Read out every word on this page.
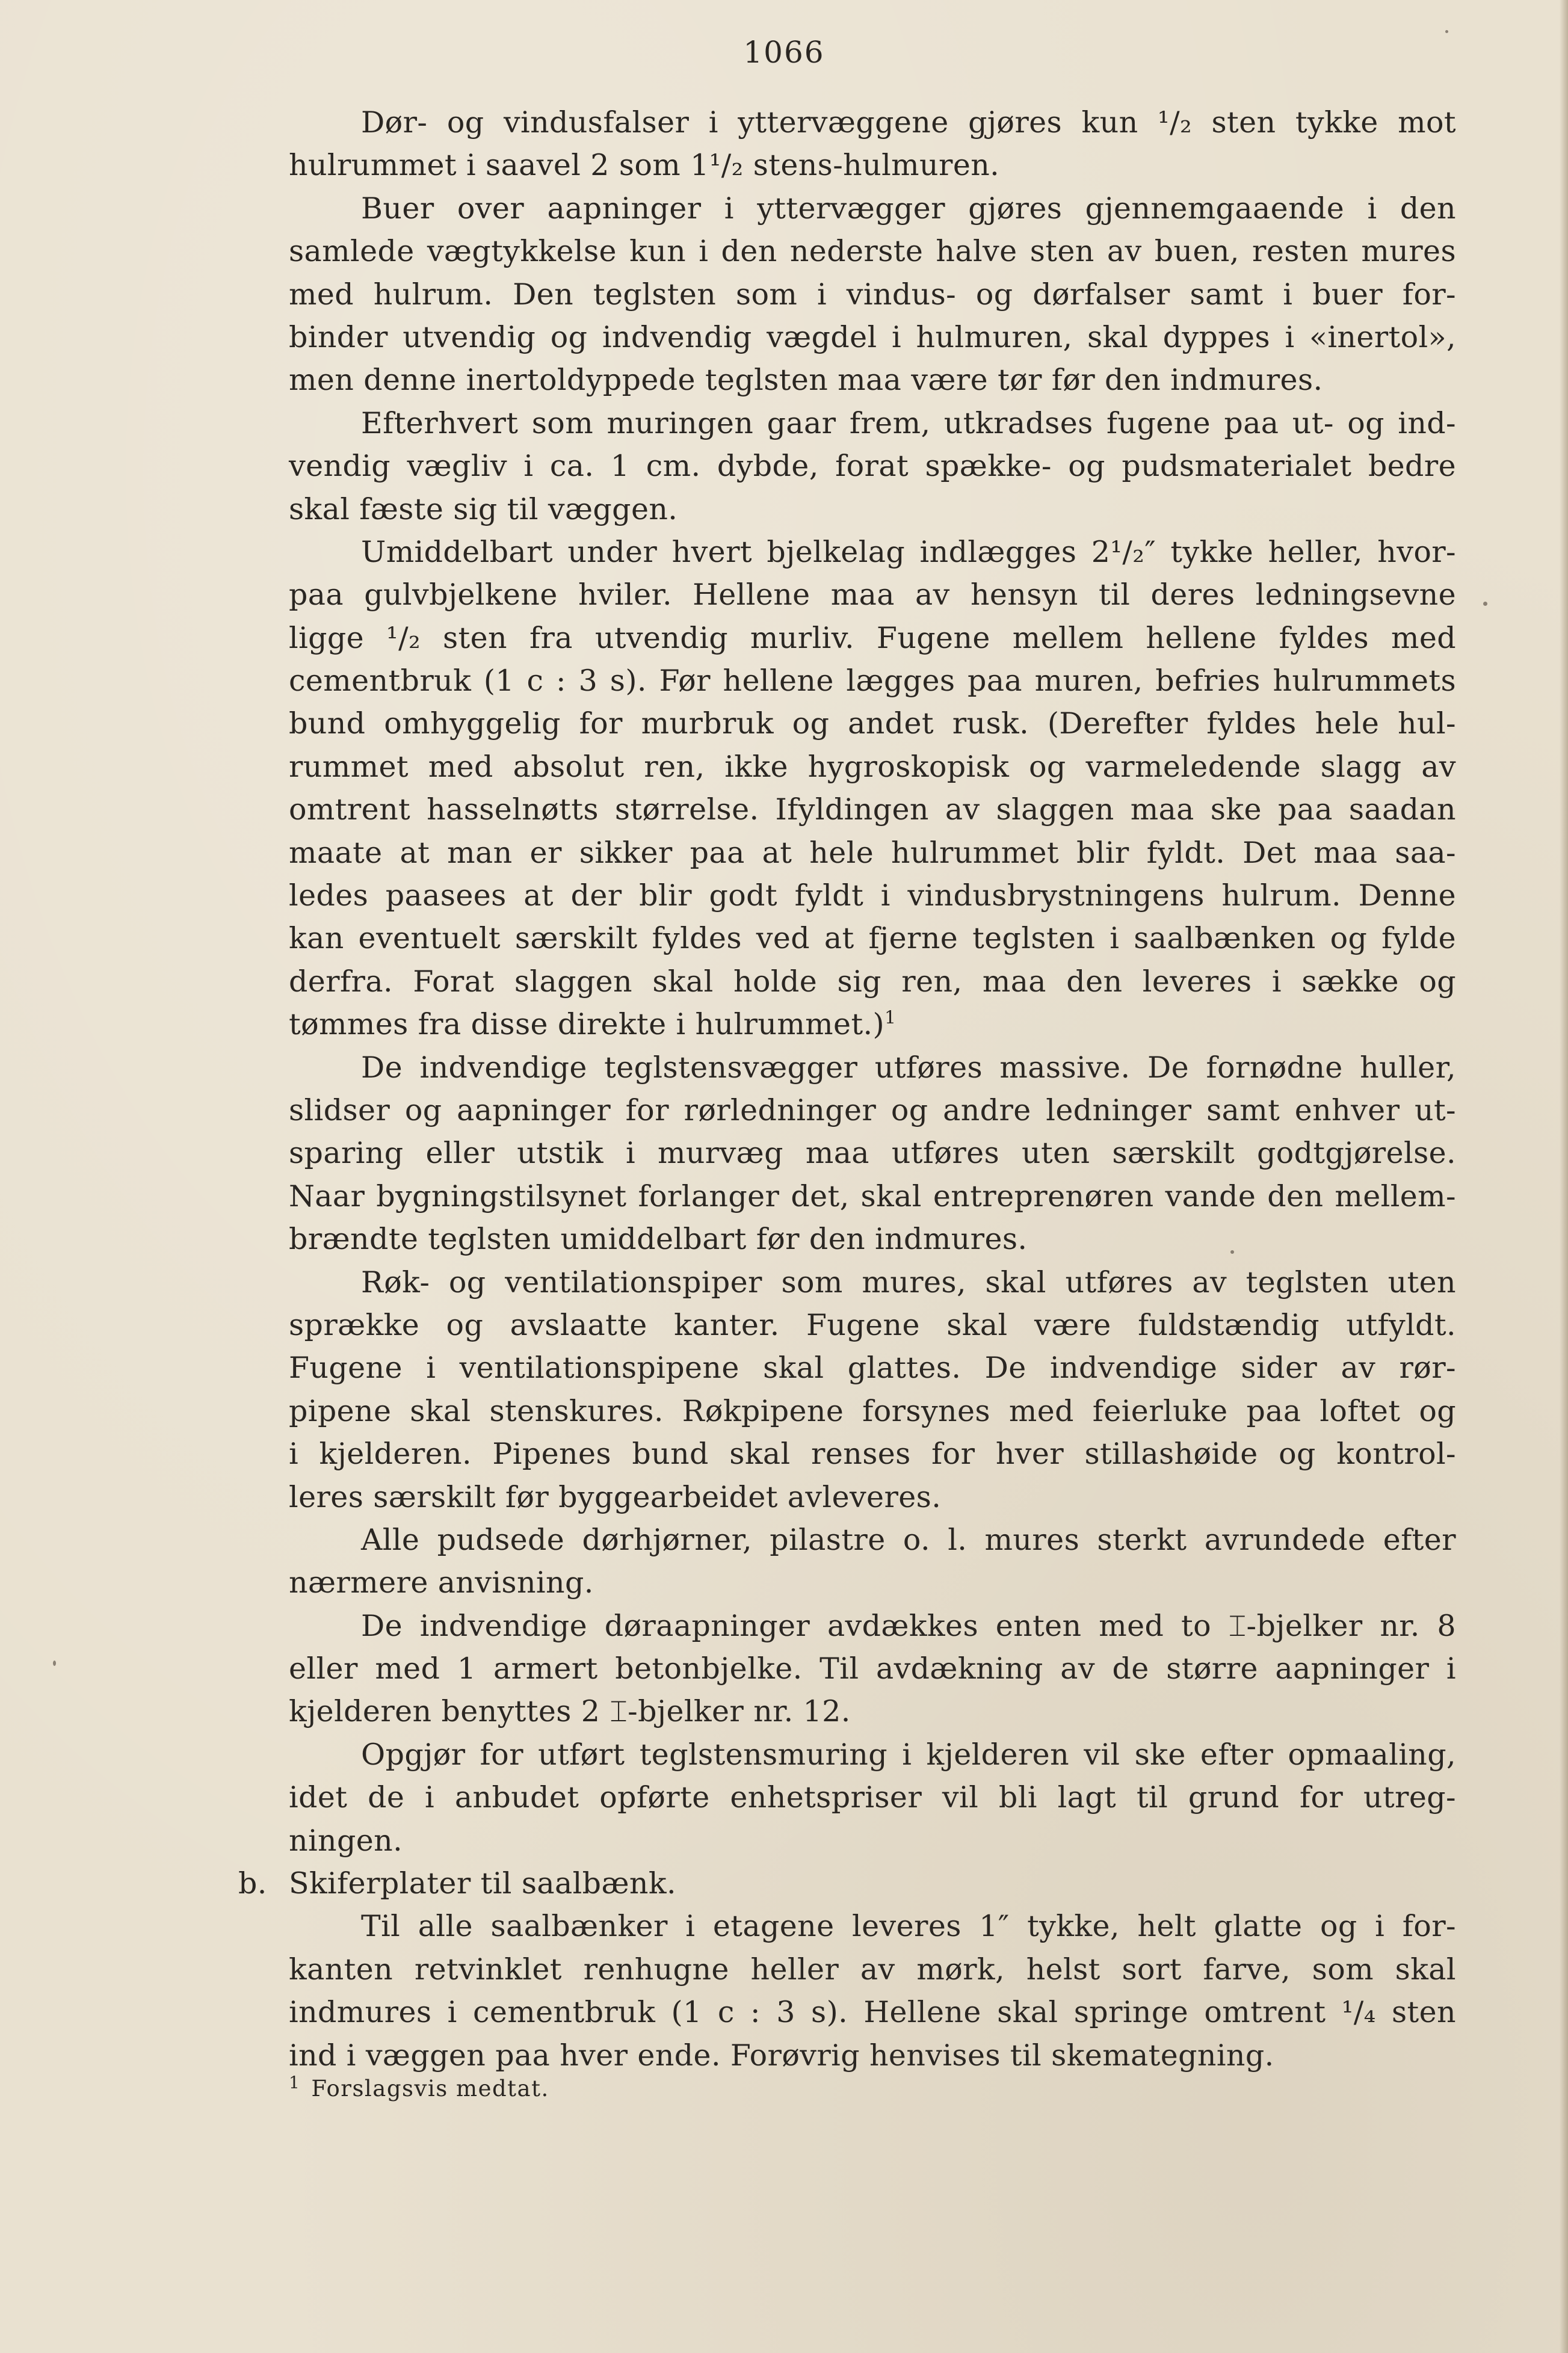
1066
Dør- og vindusfalser i yttervæggene gjøres kun ¹/₂ sten tykke mot
hulrummet i saavel 2 som 1¹/₂ stens-hulmuren.
Buer over aapninger i yttervægger gjøres gjennemgaaende i den
samlede vægtykkelse kun i den nederste halve sten av buen, resten mures
med hulrum. Den teglsten som i vindus- og dørfalser samt i buer for-
binder utvendig og indvendig vægdel i hulmuren, skal dyppes i «inertol»,
men denne inertoldyppede teglsten maa være tør før den indmures.
Efterhvert som muringen gaar frem, utkradses fugene paa ut- og ind-
vendig vægliv i ca. 1 cm. dybde, forat spække- og pudsmaterialet bedre
skal fæste sig til væggen.
Umiddelbart under hvert bjelkelag indlægges 2¹/₂″ tykke heller, hvor-
paa gulvbjelkene hviler. Hellene maa av hensyn til deres ledningsevne
ligge ¹/₂ sten fra utvendig murliv. Fugene mellem hellene fyldes med
cementbruk (1 c : 3 s). Før hellene lægges paa muren, befries hulrummets
bund omhyggelig for murbruk og andet rusk. (Derefter fyldes hele hul-
rummet med absolut ren, ikke hygroskopisk og varmeledende slagg av
omtrent hasselnøtts størrelse. Ifyldingen av slaggen maa ske paa saadan
maate at man er sikker paa at hele hulrummet blir fyldt. Det maa saa-
ledes paasees at der blir godt fyldt i vindusbrystningens hulrum. Denne
kan eventuelt særskilt fyldes ved at fjerne teglsten i saalbænken og fylde
derfra. Forat slaggen skal holde sig ren, maa den leveres i sække og
tømmes fra disse direkte i hulrummet.)$^1$
De indvendige teglstensvægger utføres massive. De fornødne huller,
slidser og aapninger for rørledninger og andre ledninger samt enhver ut-
sparing eller utstik i murvæg maa utføres uten særskilt godtgjørelse.
Naar bygningstilsynet forlanger det, skal entreprenøren vande den mellem-
brændte teglsten umiddelbart før den indmures.
Røk- og ventilationspiper som mures, skal utføres av teglsten uten
sprække og avslaatte kanter. Fugene skal være fuldstændig utfyldt.
Fugene i ventilationspipene skal glattes. De indvendige sider av rør-
pipene skal stenskures. Røkpipene forsynes med feierluke paa loftet og
i kjelderen. Pipenes bund skal renses for hver stillashøide og kontrol-
leres særskilt før byggearbeidet avleveres.
Alle pudsede dørhjørner, pilastre o. l. mures sterkt avrundede efter
nærmere anvisning.
De indvendige døraapninger avdækkes enten med to ⌶-bjelker nr. 8
eller med 1 armert betonbjelke. Til avdækning av de større aapninger i
kjelderen benyttes 2 ⌶-bjelker nr. 12.
Opgjør for utført teglstensmuring i kjelderen vil ske efter opmaaling,
idet de i anbudet opførte enhetspriser vil bli lagt til grund for utreg-
ningen.
b. Skiferplater til saalbænk.
Til alle saalbænker i etagene leveres 1″ tykke, helt glatte og i for-
kanten retvinklet renhugne heller av mørk, helst sort farve, som skal
indmures i cementbruk (1 c : 3 s). Hellene skal springe omtrent ¹/₄ sten
ind i væggen paa hver ende. Forøvrig henvises til skemategning.
$^1$ Forslagsvis medtat.
